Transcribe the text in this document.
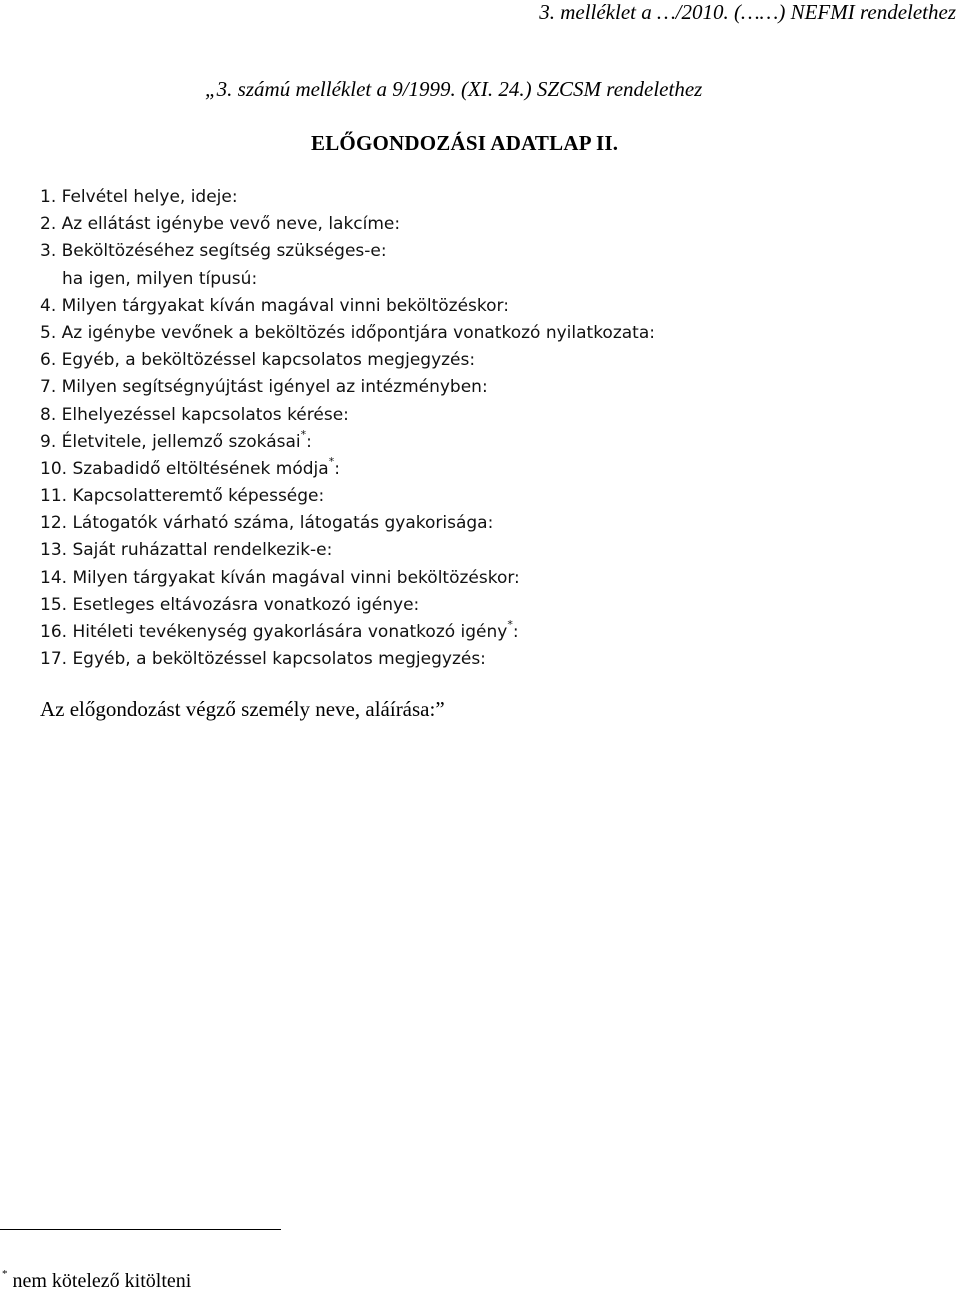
3. melléklet a …/2010. (……) NEFMI rendelethez
„3. számú melléklet a 9/1999. (XI. 24.) SZCSM rendelethez
ELŐGONDOZÁSI ADATLAP II.
1. Felvétel helye, ideje:
2. Az ellátást igénybe vevő neve, lakcíme:
3. Beköltözéséhez segítség szükséges-e:
ha igen, milyen típusú:
4. Milyen tárgyakat kíván magával vinni beköltözéskor:
5. Az igénybe vevőnek a beköltözés időpontjára vonatkozó nyilatkozata:
6. Egyéb, a beköltözéssel kapcsolatos megjegyzés:
7. Milyen segítségnyújtást igényel az intézményben:
8. Elhelyezéssel kapcsolatos kérése:
9. Életvitele, jellemző szokásai*:
10. Szabadidő eltöltésének módja*:
11. Kapcsolatteremtő képessége:
12. Látogatók várható száma, látogatás gyakorisága:
13. Saját ruházattal rendelkezik-e:
14. Milyen tárgyakat kíván magával vinni beköltözéskor:
15. Esetleges eltávozásra vonatkozó igénye:
16. Hitéleti tevékenység gyakorlására vonatkozó igény*:
17. Egyéb, a beköltözéssel kapcsolatos megjegyzés:
Az előgondozást végző személy neve, aláírása:”
* nem kötelező kitölteni
